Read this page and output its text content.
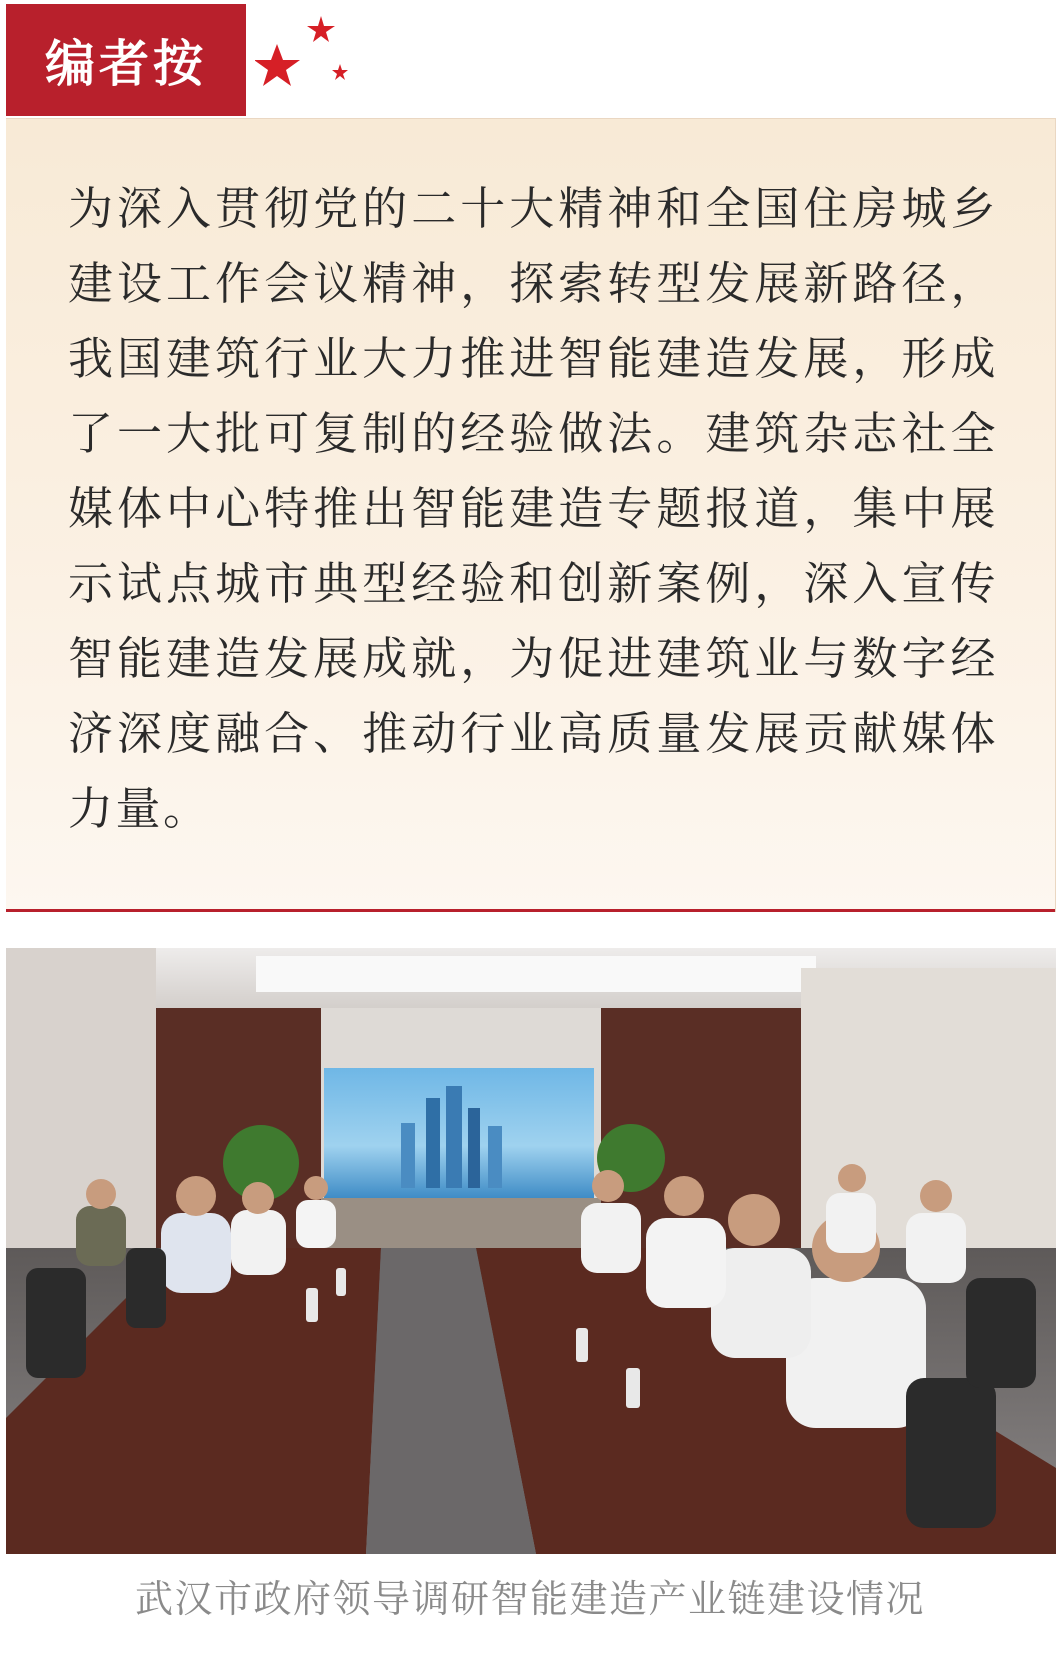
编者按

为深入贯彻党的二十大精神和全国住房城乡建设工作会议精神，探索转型发展新路径，我国建筑行业大力推进智能建造发展，形成了一大批可复制的经验做法。建筑杂志社全媒体中心特推出智能建造专题报道，集中展示试点城市典型经验和创新案例，深入宣传智能建造发展成就，为促进建筑业与数字经济深度融合、推动行业高质量发展贡献媒体力量。

武汉市政府领导调研智能建造产业链建设情况
